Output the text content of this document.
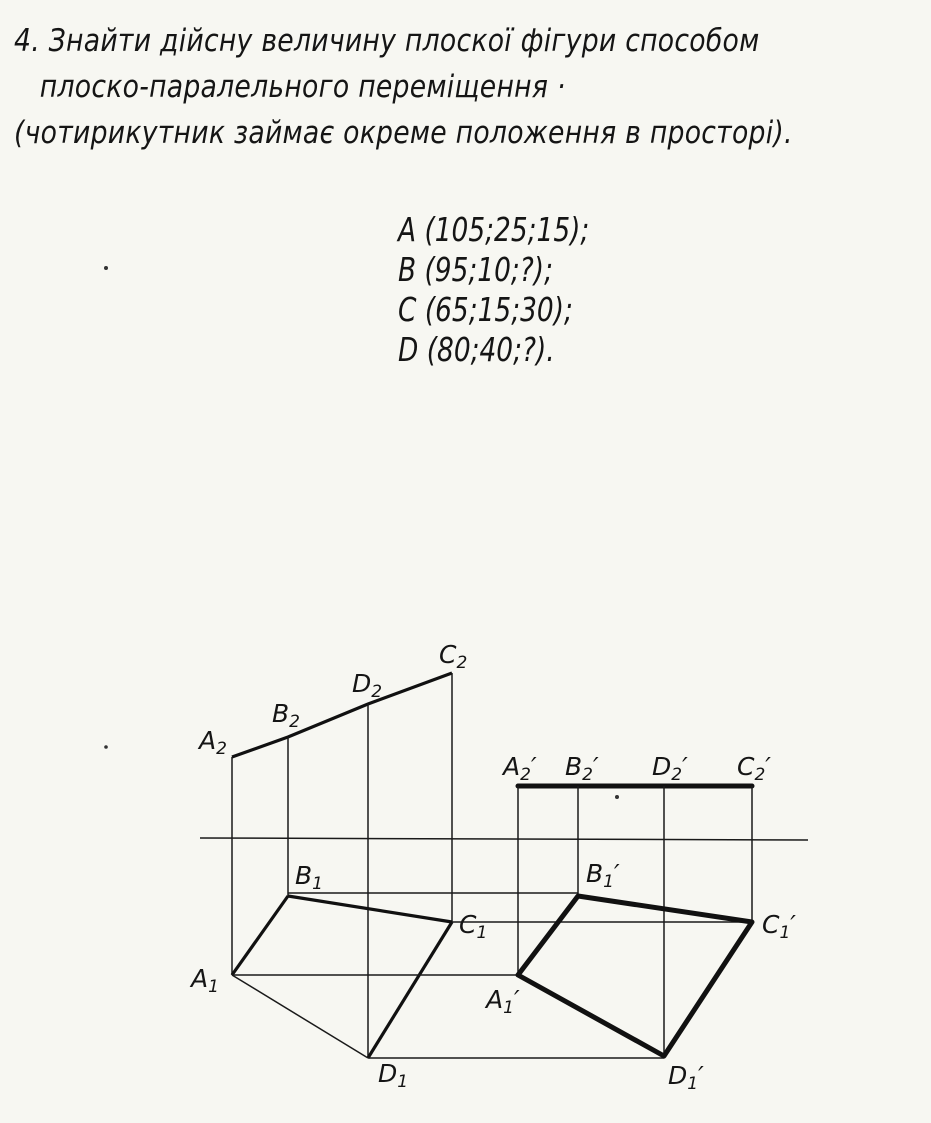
4. Знайти дійсну величину плоскої фігури способом
плоско-паралельного переміщення ·
(чотирикутник займає окреме положення в просторі).
A (105;25;15);
B (95;10;?);
C (65;15;30);
D (80;40;?).
$A_2$
$B_2$
$D_2$
$C_2$
$B_1$
$C_1$
$A_1$
$D_1$
$A_2'$ $B_2'$ $D_2'$ $C_2'$
$B_1'$
$C_1'$
$A_1'$
$D_1'$
